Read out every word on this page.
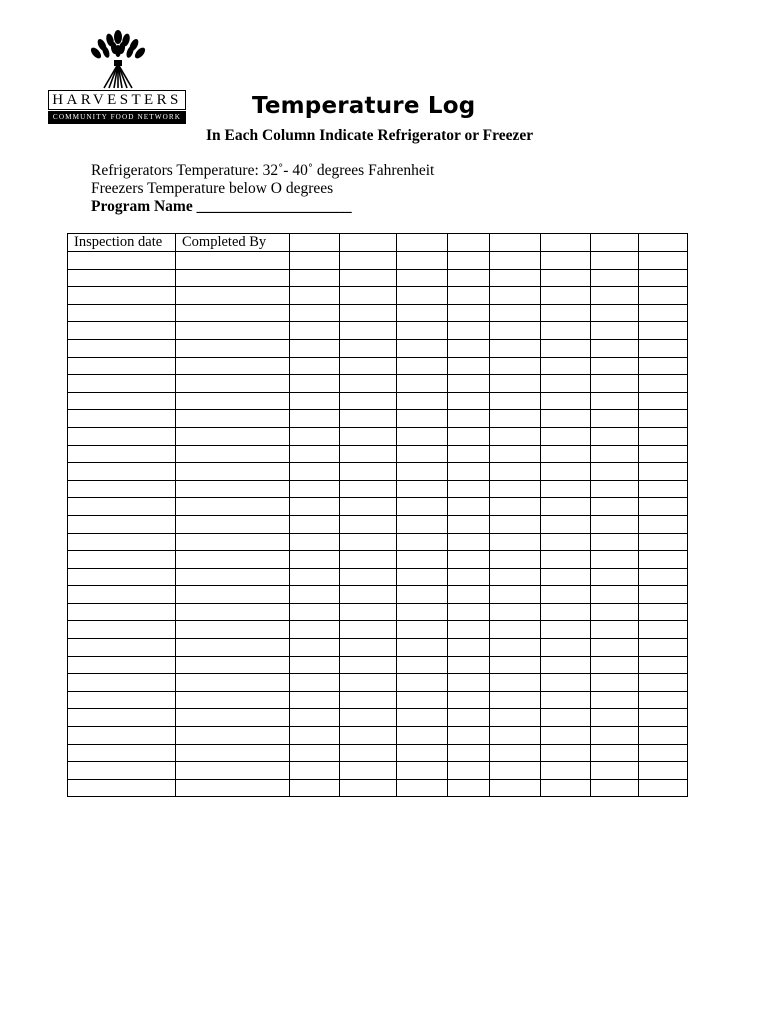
HARVESTERS
COMMUNITY FOOD NETWORK	Temperature Log
In Each Column Indicate Refrigerator or Freezer
Refrigerators Temperature: 32˚- 40˚ degrees Fahrenheit
Freezers Temperature below O degrees
Program Name ____________________
Inspection date	Completed By								
